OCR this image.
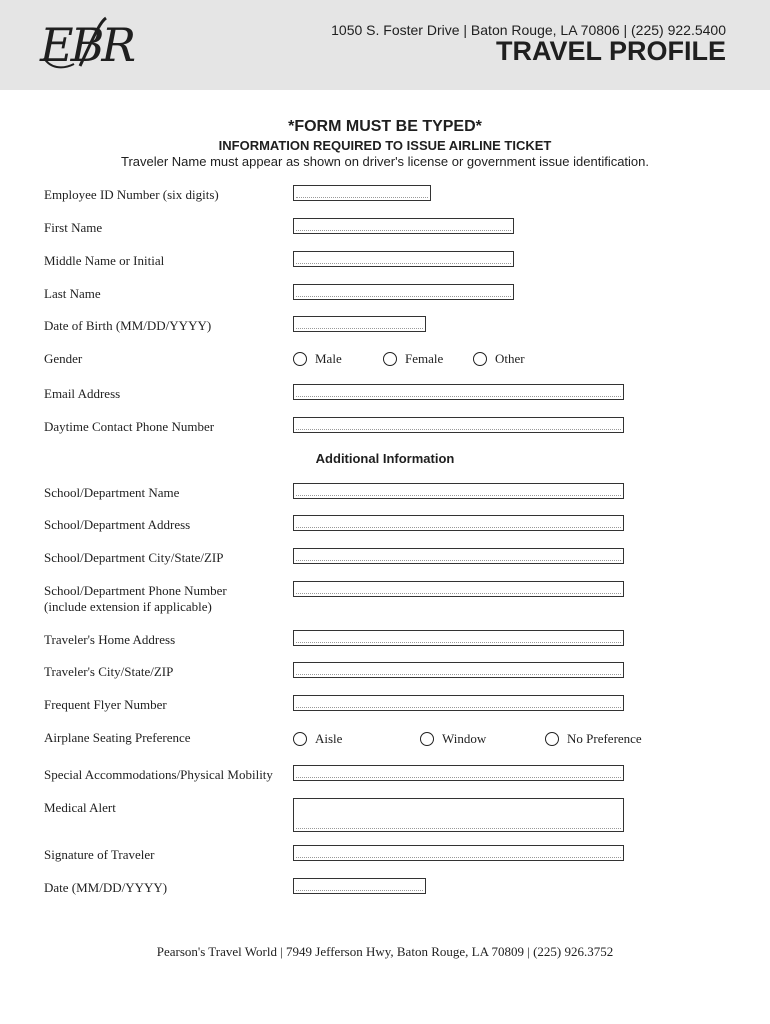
EBR	1050 S. Foster Drive | Baton Rouge, LA 70806 | (225) 922.5400
TRAVEL PROFILE
*FORM MUST BE TYPED*
INFORMATION REQUIRED TO ISSUE AIRLINE TICKET
Traveler Name must appear as shown on driver's license or government issue identification.
Employee ID Number (six digits)
First Name
Middle Name or Initial
Last Name
Date of Birth (MM/DD/YYYY)
Gender	Male	Female	Other
Email Address
Daytime Contact Phone Number
Additional Information
School/Department Name
School/Department Address
School/Department City/State/ZIP
School/Department Phone Number
(include extension if applicable)
Traveler's Home Address
Traveler's City/State/ZIP
Frequent Flyer Number
Airplane Seating Preference	Aisle	Window	No Preference
Special Accommodations/Physical Mobility
Medical Alert
Signature of Traveler
Date (MM/DD/YYYY)
Pearson's Travel World | 7949 Jefferson Hwy, Baton Rouge, LA 70809 | (225) 926.3752
